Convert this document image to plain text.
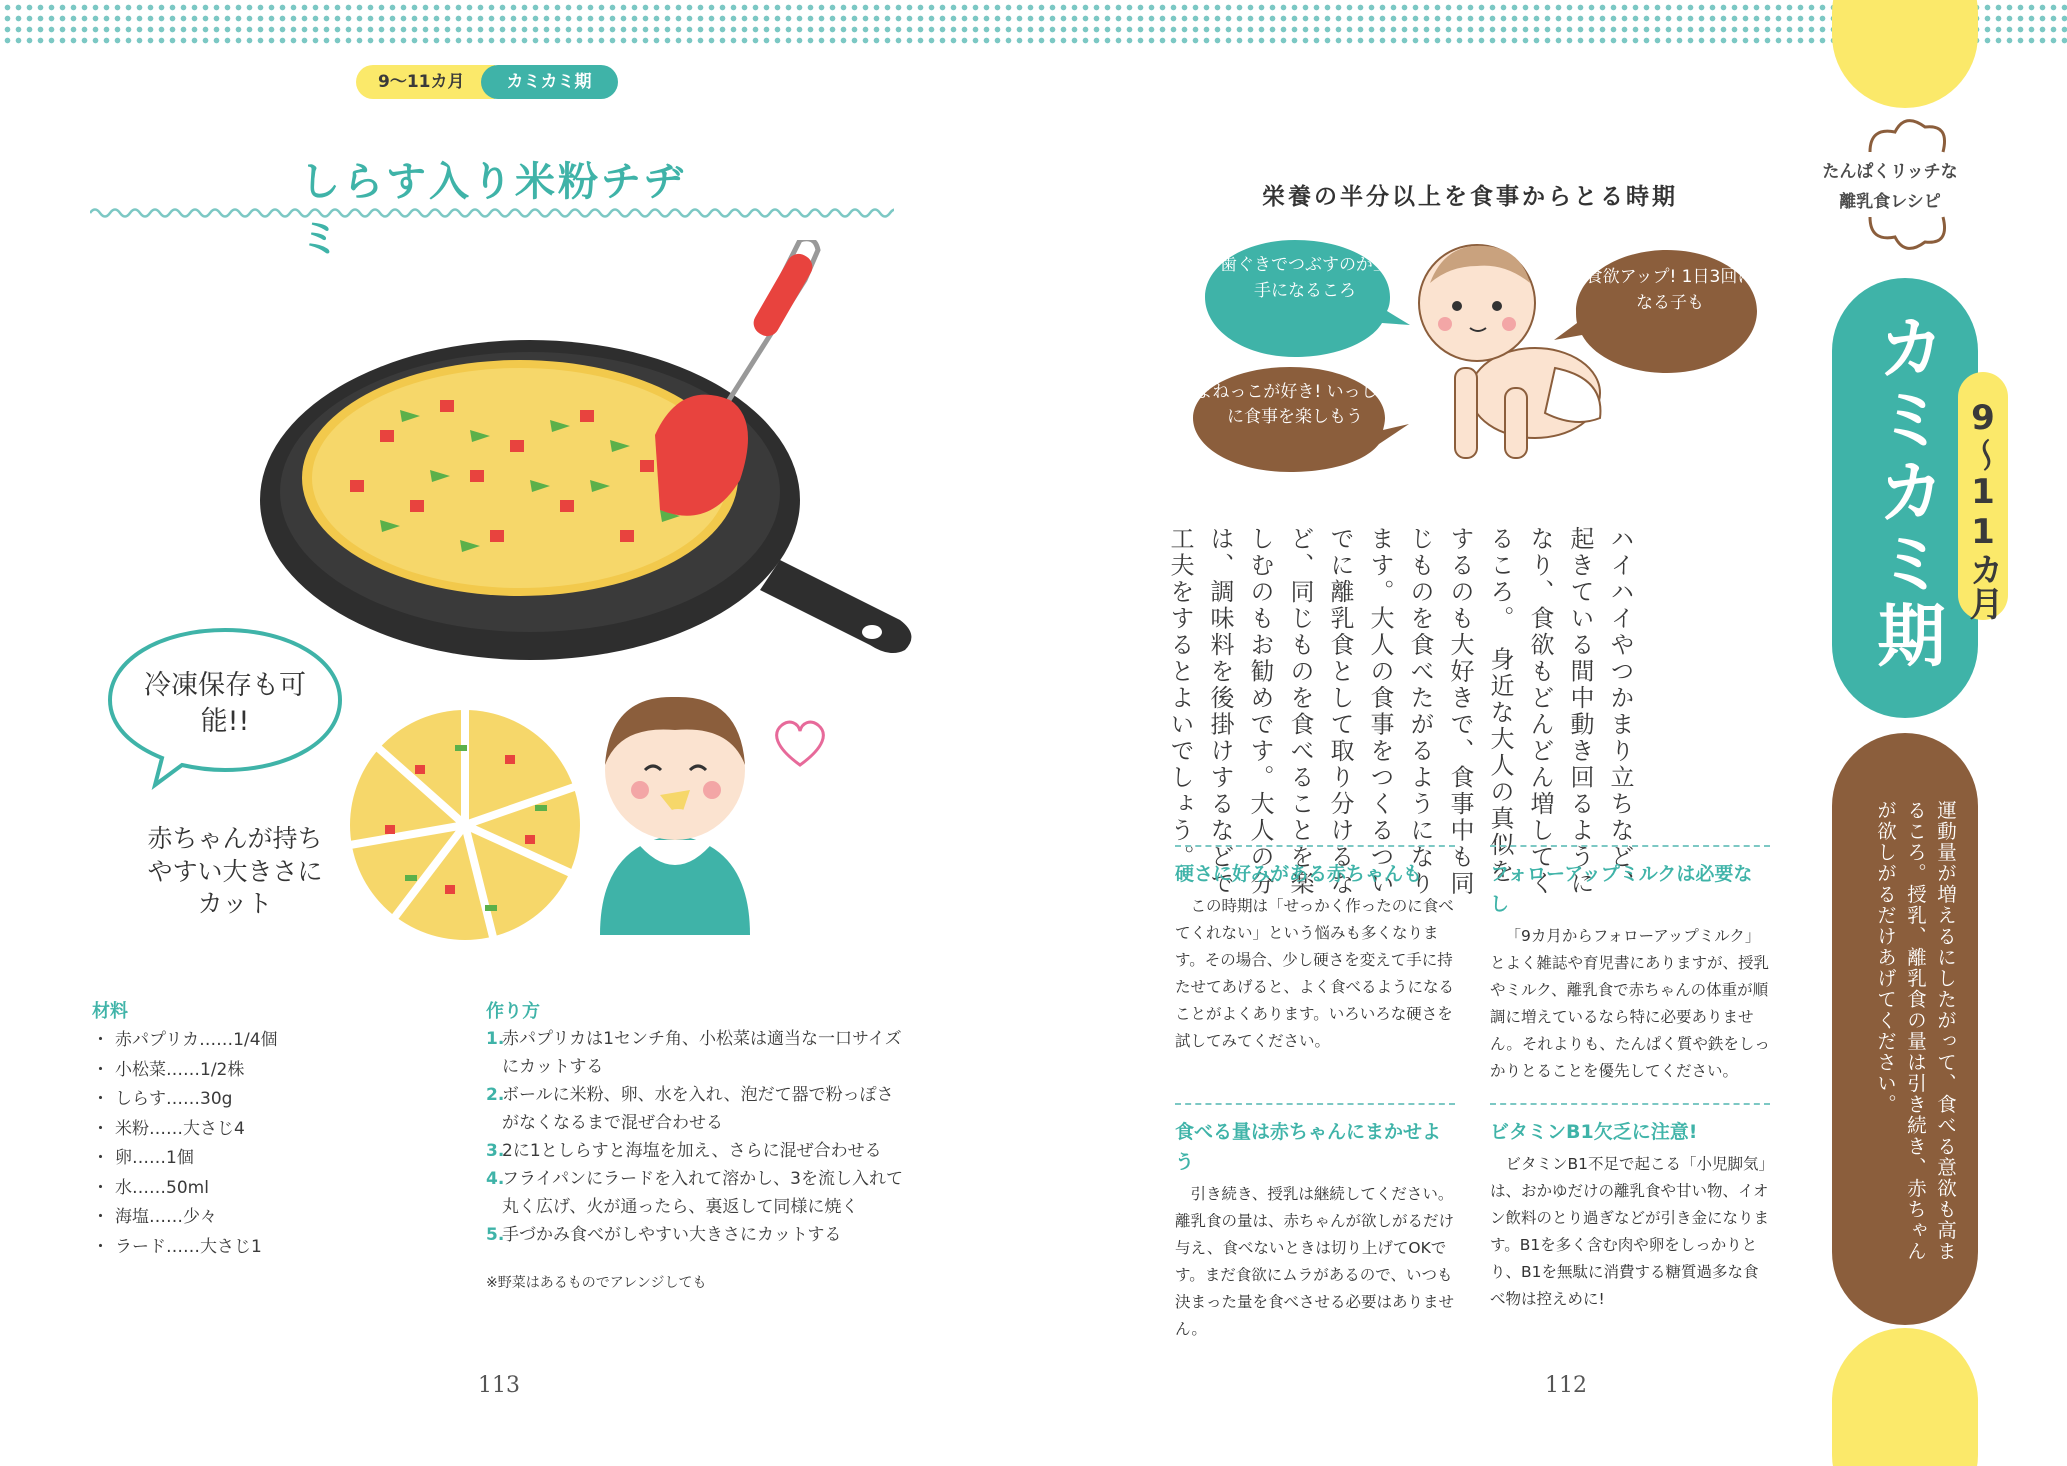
9〜11カ月	カミカミ期
しらす入り米粉チヂミ
冷凍保存も可能!!
赤ちゃんが持ちやすい大きさにカット
材料
・ 赤パプリカ……1/4個
・ 小松菜……1/2株
・ しらす……30g
・ 米粉……大さじ4
・ 卵……1個
・ 水……50ml
・ 海塩……少々
・ ラード……大さじ1
作り方
1.
赤パプリカは1センチ角、小松菜は適当な一口サイズにカットする
2.
ボールに米粉、卵、水を入れ、泡だて器で粉っぽさがなくなるまで混ぜ合わせる
3.
2に1としらすと海塩を加え、さらに混ぜ合わせる
4.
フライパンにラードを入れて溶かし、3を流し入れて丸く広げ、火が通ったら、裏返して同様に焼く
5.
手づかみ食べがしやすい大きさにカットする
※野菜はあるものでアレンジしても
113
栄養の半分以上を食事からとる時期
歯ぐきでつぶすのが上手になるころ
食欲アップ! 1日3回になる子も
まねっこが好き! いっしょに食事を楽しもう
ハイハイやつかまり立ちなど、起きている間中動き回るようになり、食欲もどんどん増してくるころ。　身近な大人の真似をするのも大好きで、食事中も同じものを食べたがるようになります。大人の食事をつくるついでに離乳食として取り分けるなど、同じものを食べることを楽しむのもお勧めです。大人の分は、調味料を後掛けするなどで工夫をするとよいでしょう。
硬さに好みがある赤ちゃんも
この時期は「せっかく作ったのに食べてくれない」という悩みも多くなります。その場合、少し硬さを変えて手に持たせてあげると、よく食べるようになることがよくあります。いろいろな硬さを試してみてください。
フォローアップミルクは必要なし
「9カ月からフォローアップミルク」とよく雑誌や育児書にありますが、授乳やミルク、離乳食で赤ちゃんの体重が順調に増えているなら特に必要ありません。それよりも、たんぱく質や鉄をしっかりとることを優先してください。
食べる量は赤ちゃんにまかせよう
引き続き、授乳は継続してください。離乳食の量は、赤ちゃんが欲しがるだけ与え、食べないときは切り上げてOKです。まだ食欲にムラがあるので、いつも決まった量を食べさせる必要はありません。
ビタミンB1欠乏に注意!
ビタミンB1不足で起こる「小児脚気」は、おかゆだけの離乳食や甘い物、イオン飲料のとり過ぎなどが引き金になります。B1を多く含む肉や卵をしっかりとり、B1を無駄に消費する糖質過多な食べ物は控えめに!
112
たんぱくリッチな
離乳食レシピ
カミカミ期 9〜11カ月
運動量が増えるにしたがって、食べる意欲も高まるころ。授乳、離乳食の量は引き続き、赤ちゃんが欲しがるだけあげてください。
